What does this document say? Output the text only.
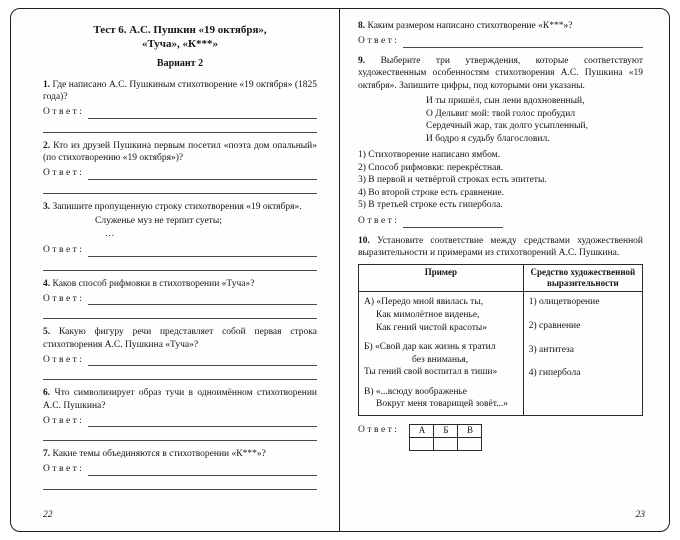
Тест 6. А.С. Пушкин «19 октября»,
«Туча», «К***»
Вариант 2

1. Где написано А.С. Пушкиным стихотворение «19 октября» (1825 года)?

Ответ:

2. Кто из друзей Пушкина первым посетил «поэта дом опальный» (по стихотворению «19 октября»)?

Ответ:

3. Запишите пропущенную строку стихотворения «19 октября».

Служенье муз не терпит суеты;
…
Ответ:

4. Каков способ рифмовки в стихотворении «Туча»?

Ответ:

5. Какую фигуру речи представляет собой первая строка стихотворения А.С. Пушкина «Туча»?

Ответ:

6. Что символизирует образ тучи в одноимённом стихотворении А.С. Пушкина?

Ответ:

7. Какие темы объединяются в стихотворении «К***»?

Ответ:
22

8. Каким размером написано стихотворение «К***»?

Ответ:

9. Выберите три утверждения, которые соответствуют художественным особенностям стихотворения А.С. Пушкина «19 октября». Запишите цифры, под которыми они указаны.

И ты пришёл, сын лени вдохновенный,
О Дельвиг мой: твой голос пробудил
Сердечный жар, так долго усыпленный,
И бодро я судьбу благословил.
1) Стихотворение написано ямбом.
2) Способ рифмовки: перекрёстная.
3) В первой и четвёртой строках есть эпитеты.
4) Во второй строке есть сравнение.
5) В третьей строке есть гипербола.
Ответ:

10. Установите соответствие между средствами художественной выразительности и примерами из стихотворений А.С. Пушкина.

Пример	Средство художественной выразительности

А) «Передо мной явилась ты,
Как мимолётное виденье,
Как гений чистой красоты»
Б) «Свой дар как жизнь я тратил
без вниманья,
Ты гений свой воспитал в тиши»
В) «...всюду воображенье
Вокруг меня товарищей зовёт...»

1) олицетворение
2) сравнение
3) антитеза
4) гипербола
Ответ:	А	Б	В

23
